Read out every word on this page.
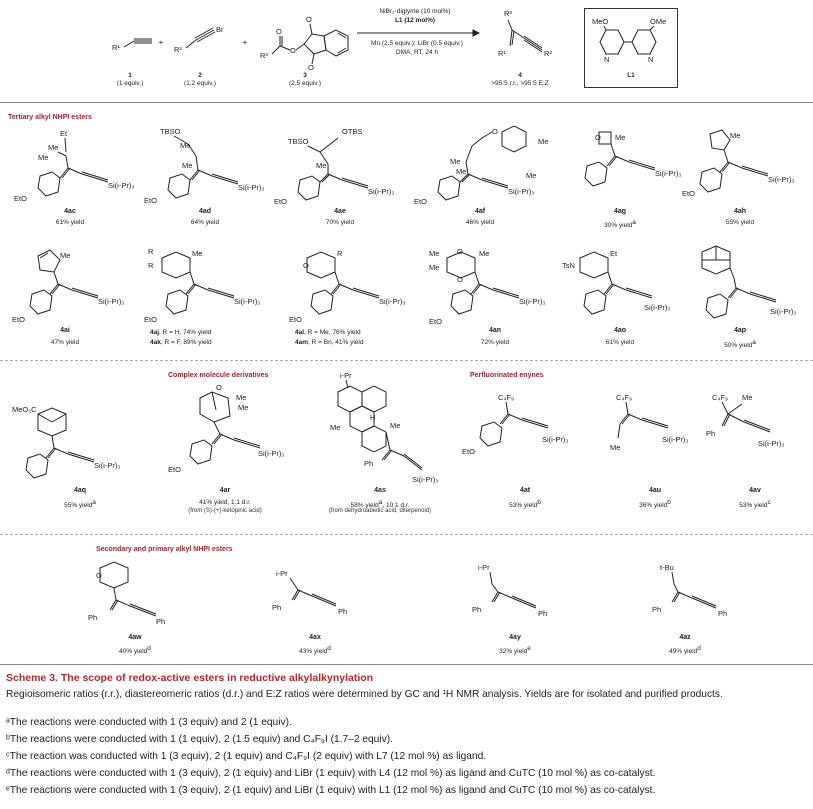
R¹
1
(1 equiv.)
+
R²
Br
2
(1.2 equiv.)
+
R³
O
O
O
O
3
(2.5 equiv.)
NiBr₂·diglyme (10 mol%)
L1 (12 mol%)
Mn (2.5 equiv.); LiBr (0.5 equiv.)
DMA, RT, 24 h
R³
R¹	R²
4
>95:5 r.r., >95:5 E:Z
MeO	OMe
N	N
L1
Tertiary alkyl NHPI esters
Et
Me
Me
EtO
Si(i-Pr)₃
4ac
61% yield
TBSO
Me
Me
EtO
Si(i-Pr)₃
4ad
64% yield
TBSO
OTBS
Me
EtO
Si(i-Pr)₃
4ae
70% yield
Me
Me
O
Me
Me
EtO
Si(i-Pr)₃
4af
46% yield
O Me
Si(i-Pr)₃
4ag
30% yield$^a$
Me
EtO
Si(i-Pr)₃
4ah
55% yield
Me
EtO
Si(i-Pr)₃
4ai
47% yield
R
R
Me
EtO
Si(i-Pr)₃
4aj, R = H, 74% yield
4ak, R = F, 89% yield
O
R
EtO
Si(i-Pr)₃
4al, R = Me, 76% yield
4am, R = Bn, 41% yield
Me
Me
O
O
Me
EtO
Si(i-Pr)₃
4an
72% yield
TsN
Et
Si(i-Pr)₃
4ao
61% yield
Si(i-Pr)₃
4ap
50% yield$^a$
Complex molecule derivatives	Perfluorinated enynes
MeO₂C
Si(i-Pr)₃
4aq
55% yield$^a$
O
Me
Me
EtO
Si(i-Pr)₃
4ar
41% yield, 1:1 d.r.
(from (S)-(+)-ketopinic acid)
i-Pr
Me
H
Me
Ph
Si(i-Pr)₃
4as
58% yield$^a$, 10:1 d.r.
(from dehydroabietic acid, diterpenoid)
C₄F₉
EtO
Si(i-Pr)₃
4at
53% yield$^b$
C₄F₉
Me
Si(i-Pr)₃
4au
36% yield$^b$
C₄F₉ Me
Ph
Si(i-Pr)₃
4av
53% yield$^c$
Secondary and primary alkyl NHPI esters
O
Ph	Ph
4aw
40% yield$^d$
i-Pr
Ph	Ph
4ax
43% yield$^d$
i-Pr
Ph	Ph
4ay
32% yield$^e$
t-Bu
Ph	Ph
4az
49% yield$^d$
Scheme 3. The scope of redox-active esters in reductive alkylalkynylation
Regioisomeric ratios (r.r.), diastereomeric ratios (d.r.) and E:Z ratios were determined by GC and ¹H NMR analysis. Yields are for isolated and purified products.
ᵃThe reactions were conducted with 1 (3 equiv) and 2 (1 equiv).
ᵇThe reactions were conducted with 1 (1 equiv), 2 (1.5 equiv) and C₄F₉I (1.7–2 equiv).
ᶜThe reaction was conducted with 1 (3 equiv), 2 (1 equiv) and C₄F₉I (2 equiv) with L7 (12 mol %) as ligand.
ᵈThe reactions were conducted with 1 (3 equiv), 2 (1 equiv) and LiBr (1 equiv) with L4 (12 mol %) as ligand and CuTC (10 mol %) as co-catalyst.
ᵉThe reactions were conducted with 1 (3 equiv), 2 (1 equiv) and LiBr (1 equiv) with L1 (12 mol %) as ligand and CuTC (10 mol %) as co-catalyst.
